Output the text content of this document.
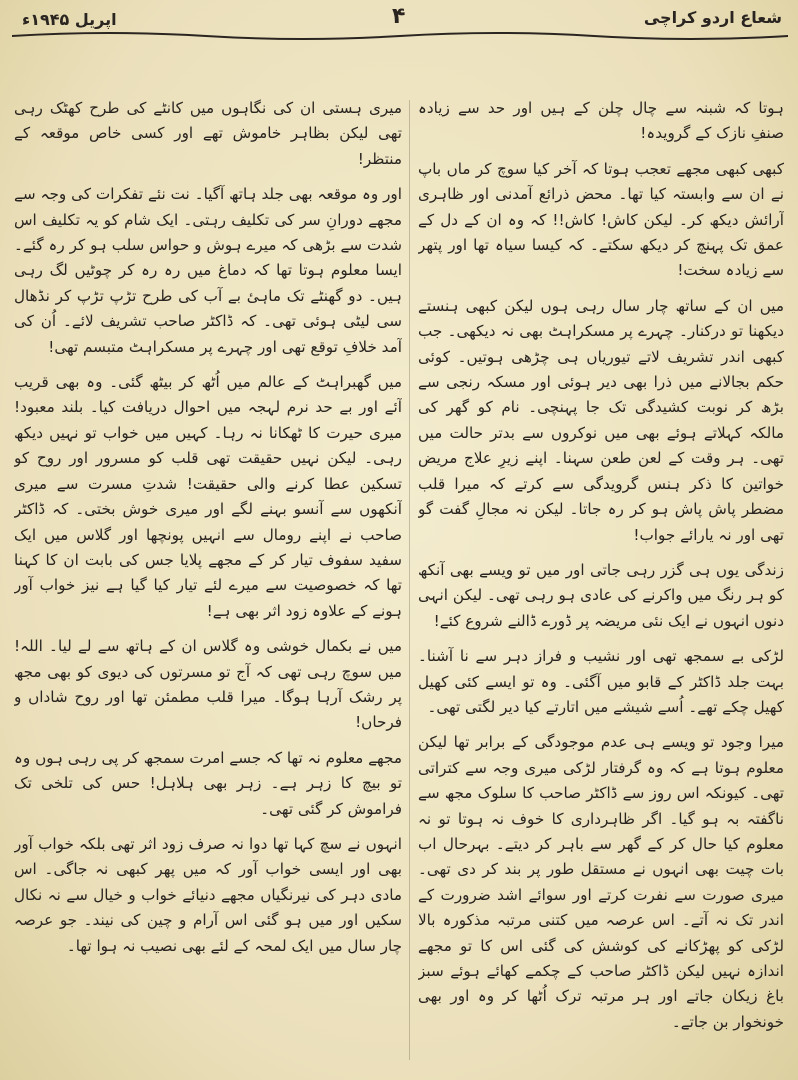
اپریل ۱۹۴۵ء	۴	شعاع اردو کراچی

ہوتا کہ شبنہ سے چال چلن کے ہیں اور حد سے زیادہ صنفِ نازک کے گرویدہ!

کبھی کبھی مجھے تعجب ہوتا کہ آخر کیا سوچ کر ماں باپ نے ان سے وابستہ کیا تھا۔ محض ذرائع آمدنی اور ظاہری آرائش دیکھ کر۔ لیکن کاش! کاش!! کہ وہ ان کے دل کے عمق تک پہنچ کر دیکھ سکتے۔ کہ کیسا سیاہ تھا اور پتھر سے زیادہ سخت!

میں ان کے ساتھ چار سال رہی ہوں لیکن کبھی ہنستے دیکھنا تو درکنار۔ چہرے پر مسکراہٹ بھی نہ دیکھی۔ جب کبھی اندر تشریف لاتے تیوریاں ہی چڑھی ہوتیں۔ کوئی حکم بجالانے میں ذرا بھی دیر ہوئی اور مسکہ رنجی سے بڑھ کر نوبت کشیدگی تک جا پہنچی۔ نام کو گھر کی مالکہ کہلاتے ہوئے بھی میں نوکروں سے بدتر حالت میں تھی۔ ہر وقت کے لعن طعن سہنا۔ اپنے زیرِ علاج مریض خواتین کا ذکر ہنس گرویدگی سے کرتے کہ میرا قلب مضطر پاش پاش ہو کر رہ جاتا۔ لیکن نہ مجالِ گفت گو تھی اور نہ یارائے جواب!

زندگی یوں ہی گزر رہی جاتی اور میں تو ویسے بھی آنکھ کو ہر رنگ میں واکرنے کی عادی ہو رہی تھی۔ لیکن انہی دنوں انہوں نے ایک نئی مریضہ پر ڈورے ڈالنے شروع کئے!

لڑکی بے سمجھ تھی اور نشیب و فراز دہر سے نا آشنا۔ بہت جلد ڈاکٹر کے قابو میں آگئی۔ وہ تو ایسے کئی کھیل کھیل چکے تھے۔ اُسے شیشے میں اتارتے کیا دیر لگتی تھی۔

میرا وجود تو ویسے ہی عدم موجودگی کے برابر تھا لیکن معلوم ہوتا ہے کہ وہ گرفتار لڑکی میری وجہ سے کتراتی تھی۔ کیونکہ اس روز سے ڈاکٹر صاحب کا سلوک مجھ سے ناگفتہ بہ ہو گیا۔ اگر ظاہرداری کا خوف نہ ہوتا تو نہ معلوم کیا حال کر کے گھر سے باہر کر دیتے۔ بہرحال اب بات چیت بھی انہوں نے مستقل طور پر بند کر دی تھی۔ میری صورت سے نفرت کرتے اور سوائے اشد ضرورت کے اندر تک نہ آتے۔ اس عرصہ میں کتنی مرتبہ مذکورہ بالا لڑکی کو پھڑکانے کی کوشش کی گئی اس کا تو مجھے اندازہ نہیں لیکن ڈاکٹر صاحب کے چکمے کھائے ہوئے سبز باغ زیکان جاتے اور ہر مرتبہ ترک اُٹھا کر وہ اور بھی خونخوار بن جاتے۔

میری ہستی ان کی نگاہوں میں کانٹے کی طرح کھٹک رہی تھی لیکن بظاہر خاموش تھے اور کسی خاص موقعہ کے منتظر!

اور وہ موقعہ بھی جلد ہاتھ آگیا۔ نت نئے تفکرات کی وجہ سے مجھے دورانِ سر کی تکلیف رہتی۔ ایک شام کو یہ تکلیف اس شدت سے بڑھی کہ میرے ہوش و حواس سلب ہو کر رہ گئے۔ ایسا معلوم ہوتا تھا کہ دماغ میں رہ رہ کر چوٹیں لگ رہی ہیں۔ دو گھنٹے تک ماہیٔ بے آب کی طرح تڑپ تڑپ کر نڈھال سی لیٹی ہوئی تھی۔ کہ ڈاکٹر صاحب تشریف لائے۔ اُن کی آمد خلافِ توقع تھی اور چہرے پر مسکراہٹ متبسم تھی!

میں گھبراہٹ کے عالم میں اُٹھ کر بیٹھ گئی۔ وہ بھی قریب آئے اور بے حد نرم لہجہ میں احوال دریافت کیا۔ بلند معبود! میری حیرت کا ٹھکانا نہ رہا۔ کہیں میں خواب تو نہیں دیکھ رہی۔ لیکن نہیں حقیقت تھی قلب کو مسرور اور روح کو تسکین عطا کرنے والی حقیقت! شدتِ مسرت سے میری آنکھوں سے آنسو بہنے لگے اور میری خوش بختی۔ کہ ڈاکٹر صاحب نے اپنے رومال سے انہیں پونچھا اور گلاس میں ایک سفید سفوف تیار کر کے مجھے پلایا جس کی بابت ان کا کہنا تھا کہ خصوصیت سے میرے لئے تیار کیا گیا ہے نیز خواب آور ہونے کے علاوہ زود اثر بھی ہے!

میں نے بکمال خوشی وہ گلاس ان کے ہاتھ سے لے لیا۔ اللہ! میں سوچ رہی تھی کہ آج تو مسرتوں کی دیوی کو بھی مجھ پر رشک آرہا ہوگا۔ میرا قلب مطمئن تھا اور روح شاداں و فرحاں!

مجھے معلوم نہ تھا کہ جسے امرت سمجھ کر پی رہی ہوں وہ تو بیچ کا زہر ہے۔ زہر بھی ہلاہل! حس کی تلخی تک فراموش کر گئی تھی۔

انہوں نے سچ کہا تھا دوا نہ صرف زود اثر تھی بلکہ خواب آور بھی اور ایسی خواب آور کہ میں پھر کبھی نہ جاگی۔ اس مادی دہر کی نیرنگیاں مجھے دنیائے خواب و خیال سے نہ نکال سکیں اور میں ہو گئی اس آرام و چین کی نیند۔ جو عرصہ چار سال میں ایک لمحہ کے لئے بھی نصیب نہ ہوا تھا۔
